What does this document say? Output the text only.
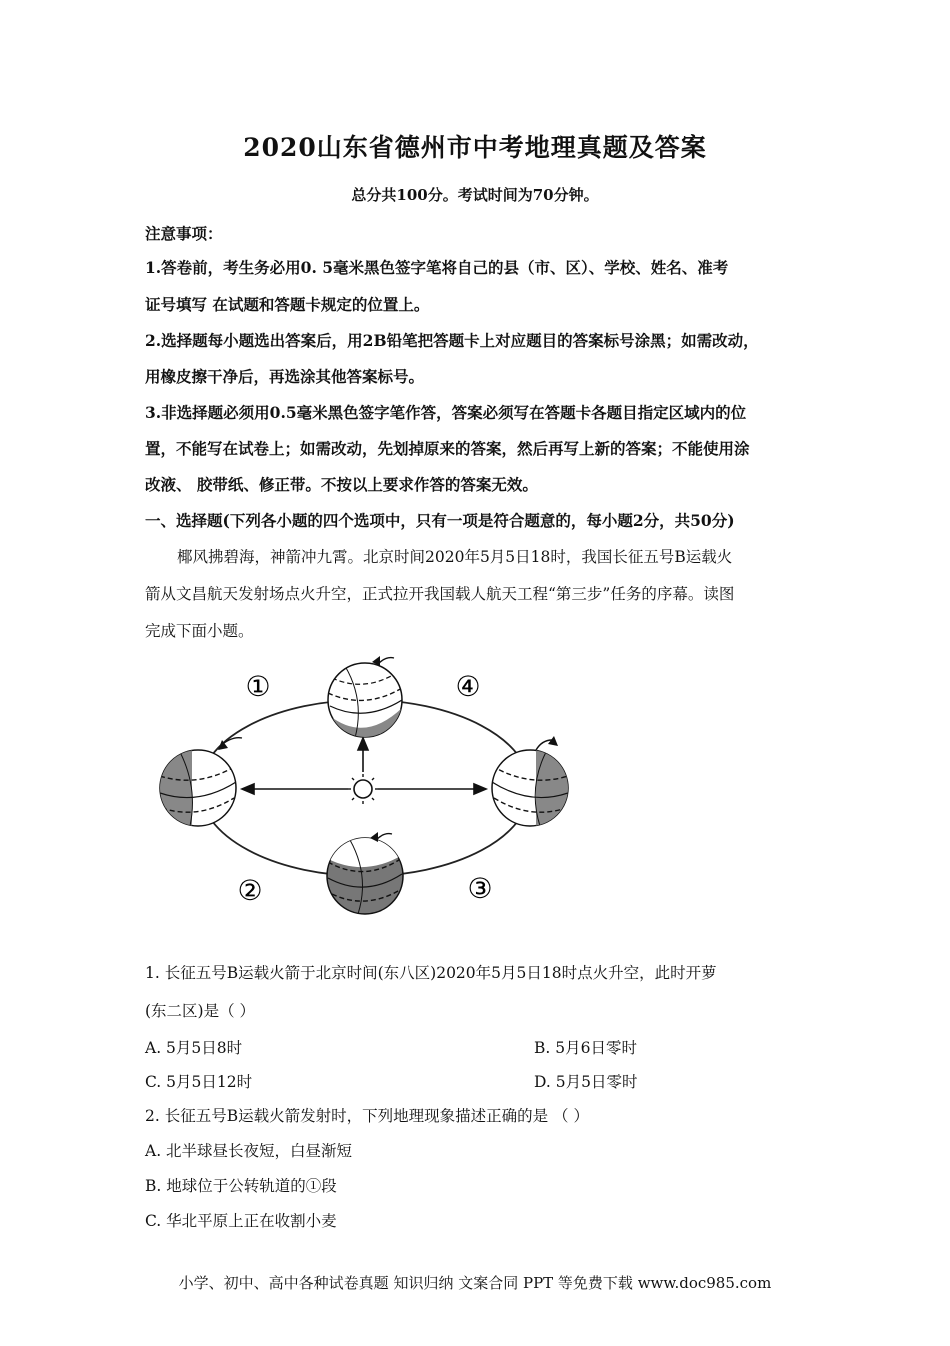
2020山东省德州市中考地理真题及答案
总分共100分。考试时间为70分钟。
注意事项：
1.答卷前，考生务必用0. 5毫米黑色签字笔将自己的县（市、区）、学校、姓名、准考
证号填写 在试题和答题卡规定的位置上。
2.选择题每小题选出答案后，用2B铅笔把答题卡上对应题目的答案标号涂黑；如需改动，
用橡皮擦干净后，再选涂其他答案标号。
3.非选择题必须用0.5毫米黑色签字笔作答，答案必须写在答题卡各题目指定区域内的位
置，不能写在试卷上；如需改动，先划掉原来的答案，然后再写上新的答案；不能使用涂
改液、 胶带纸、修正带。不按以上要求作答的答案无效。
一、选择题(下列各小题的四个选项中，只有一项是符合题意的，每小题2分，共50分)
椰风拂碧海，神箭冲九霄。北京时间2020年5月5日18时，我国长征五号B运载火
箭从文昌航天发射场点火升空，正式拉开我国载人航天工程“第三步”任务的序幕。读图
完成下面小题。
①
②	③
④
1. 长征五号B运载火箭于北京时间(东八区)2020年5月5日18时点火升空，此时开萝
(东二区)是（ ）
A. 5月5日8时	B. 5月6日零时
C. 5月5日12时	D. 5月5日零时
2. 长征五号B运载火箭发射时，下列地理现象描述正确的是 （ ）
A. 北半球昼长夜短，白昼渐短
B. 地球位于公转轨道的①段
C. 华北平原上正在收割小麦
小学、初中、高中各种试卷真题 知识归纳 文案合同 PPT 等免费下载 www.doc985.com
